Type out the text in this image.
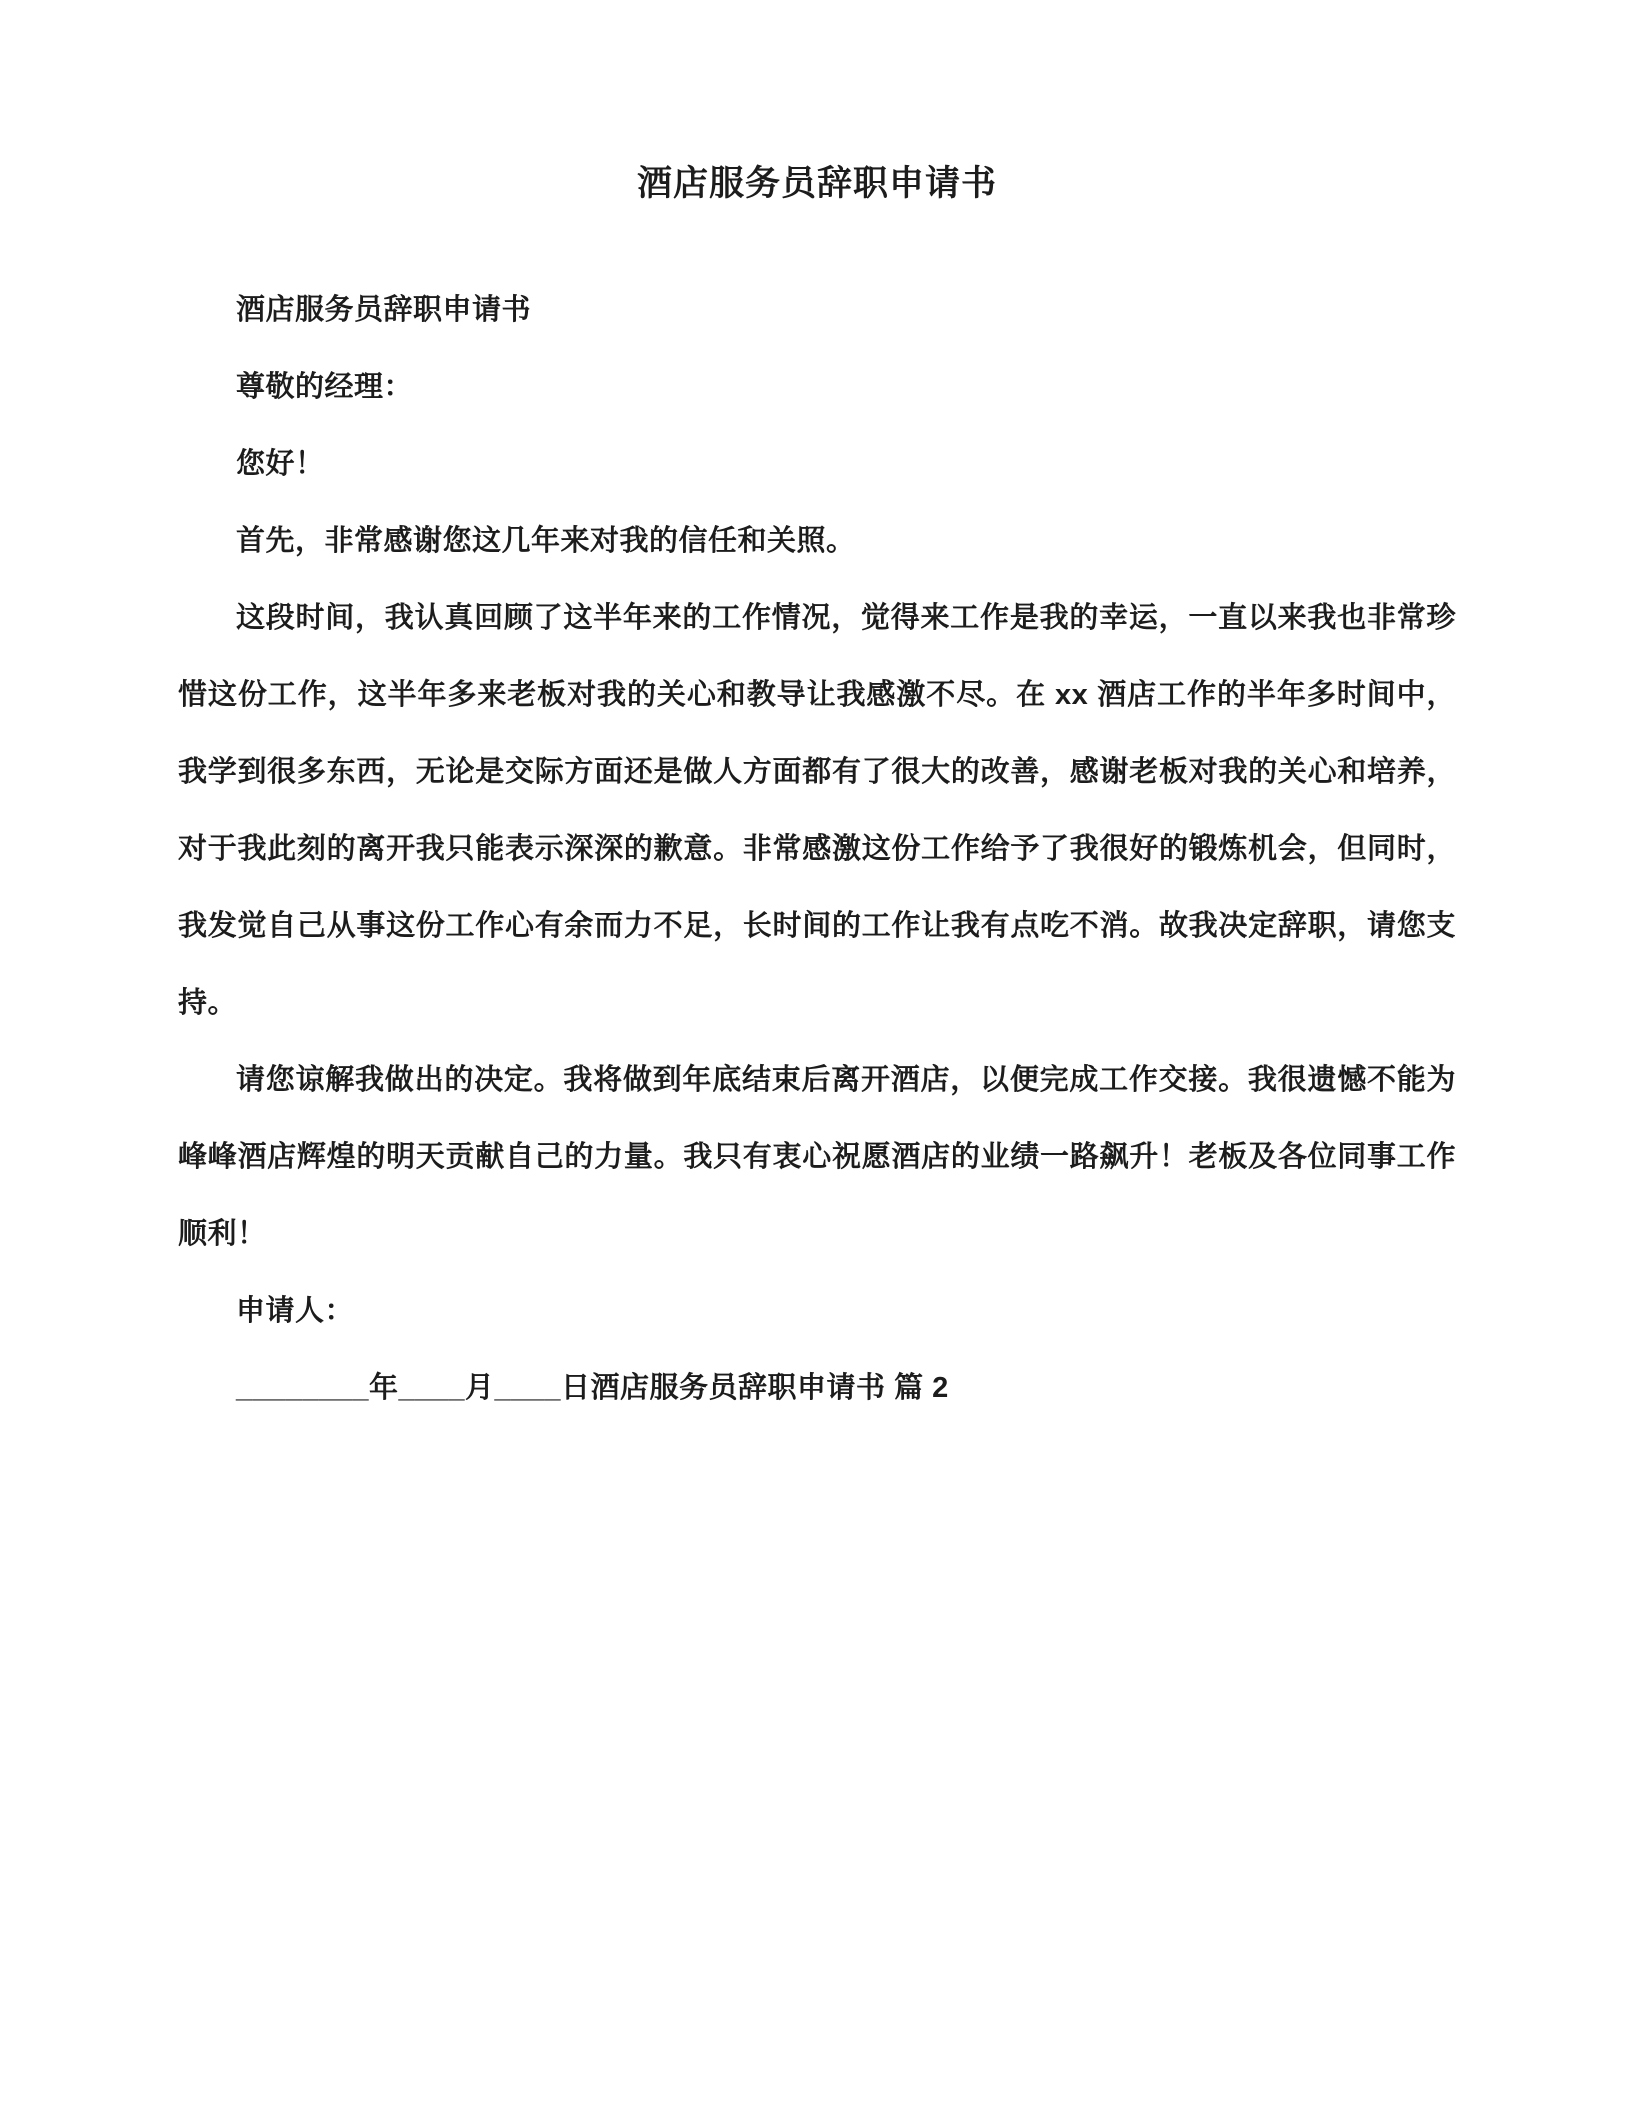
酒店服务员辞职申请书

酒店服务员辞职申请书

尊敬的经理：

您好！

首先，非常感谢您这几年来对我的信任和关照。

这段时间，我认真回顾了这半年来的工作情况，觉得来工作是我的幸运，一直以来我也非常珍惜这份工作，这半年多来老板对我的关心和教导让我感激不尽。在 xx 酒店工作的半年多时间中，我学到很多东西，无论是交际方面还是做人方面都有了很大的改善，感谢老板对我的关心和培养，对于我此刻的离开我只能表示深深的歉意。非常感激这份工作给予了我很好的锻炼机会，但同时，我发觉自己从事这份工作心有余而力不足，长时间的工作让我有点吃不消。故我决定辞职，请您支持。

请您谅解我做出的决定。我将做到年底结束后离开酒店，以便完成工作交接。我很遗憾不能为峰峰酒店辉煌的明天贡献自己的力量。我只有衷心祝愿酒店的业绩一路飙升！老板及各位同事工作顺利！

申请人：

________年____月____日酒店服务员辞职申请书 篇 2
